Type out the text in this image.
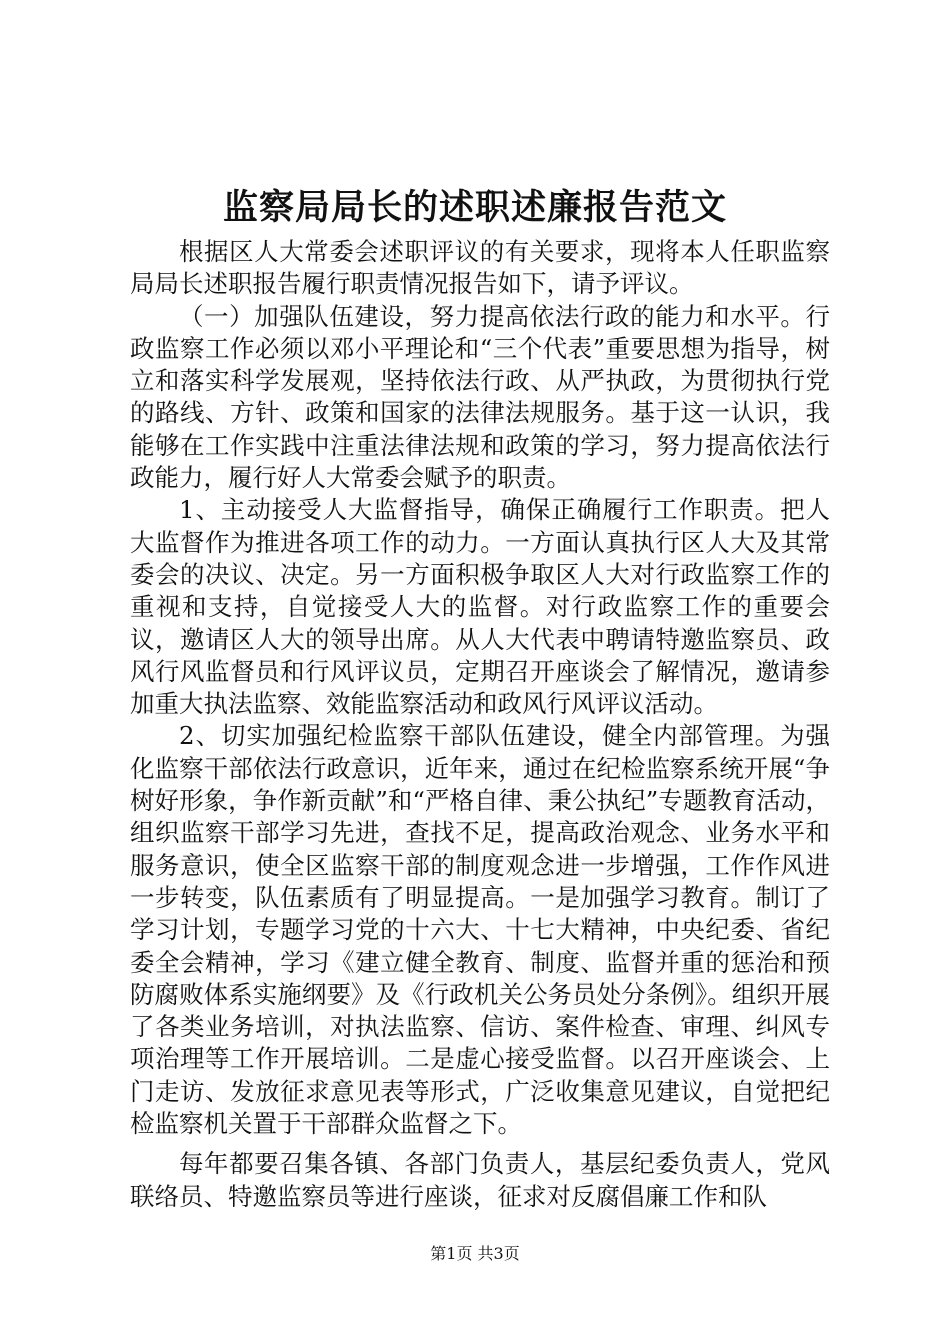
监察局局长的述职述廉报告范文

根据区人大常委会述职评议的有关要求，现将本人任职监察局局长述职报告履行职责情况报告如下，请予评议。

（一）加强队伍建设，努力提高依法行政的能力和水平。行政监察工作必须以邓小平理论和“三个代表”重要思想为指导，树立和落实科学发展观，坚持依法行政、从严执政，为贯彻执行党的路线、方针、政策和国家的法律法规服务。基于这一认识，我能够在工作实践中注重法律法规和政策的学习，努力提高依法行政能力，履行好人大常委会赋予的职责。

1、主动接受人大监督指导，确保正确履行工作职责。把人大监督作为推进各项工作的动力。一方面认真执行区人大及其常委会的决议、决定。另一方面积极争取区人大对行政监察工作的重视和支持，自觉接受人大的监督。对行政监察工作的重要会议，邀请区人大的领导出席。从人大代表中聘请特邀监察员、政风行风监督员和行风评议员，定期召开座谈会了解情况，邀请参加重大执法监察、效能监察活动和政风行风评议活动。

2、切实加强纪检监察干部队伍建设，健全内部管理。为强化监察干部依法行政意识，近年来，通过在纪检监察系统开展“争树好形象，争作新贡献”和“严格自律、秉公执纪”专题教育活动，组织监察干部学习先进，查找不足，提高政治观念、业务水平和服务意识，使全区监察干部的制度观念进一步增强，工作作风进一步转变，队伍素质有了明显提高。一是加强学习教育。制订了学习计划，专题学习党的十六大、十七大精神，中央纪委、省纪委全会精神，学习《建立健全教育、制度、监督并重的惩治和预防腐败体系实施纲要》及《行政机关公务员处分条例》。组织开展了各类业务培训，对执法监察、信访、案件检查、审理、纠风专项治理等工作开展培训。二是虚心接受监督。以召开座谈会、上门走访、发放征求意见表等形式，广泛收集意见建议，自觉把纪检监察机关置于干部群众监督之下。

每年都要召集各镇、各部门负责人，基层纪委负责人，党风联络员、特邀监察员等进行座谈，征求对反腐倡廉工作和队

第1页 共3页
